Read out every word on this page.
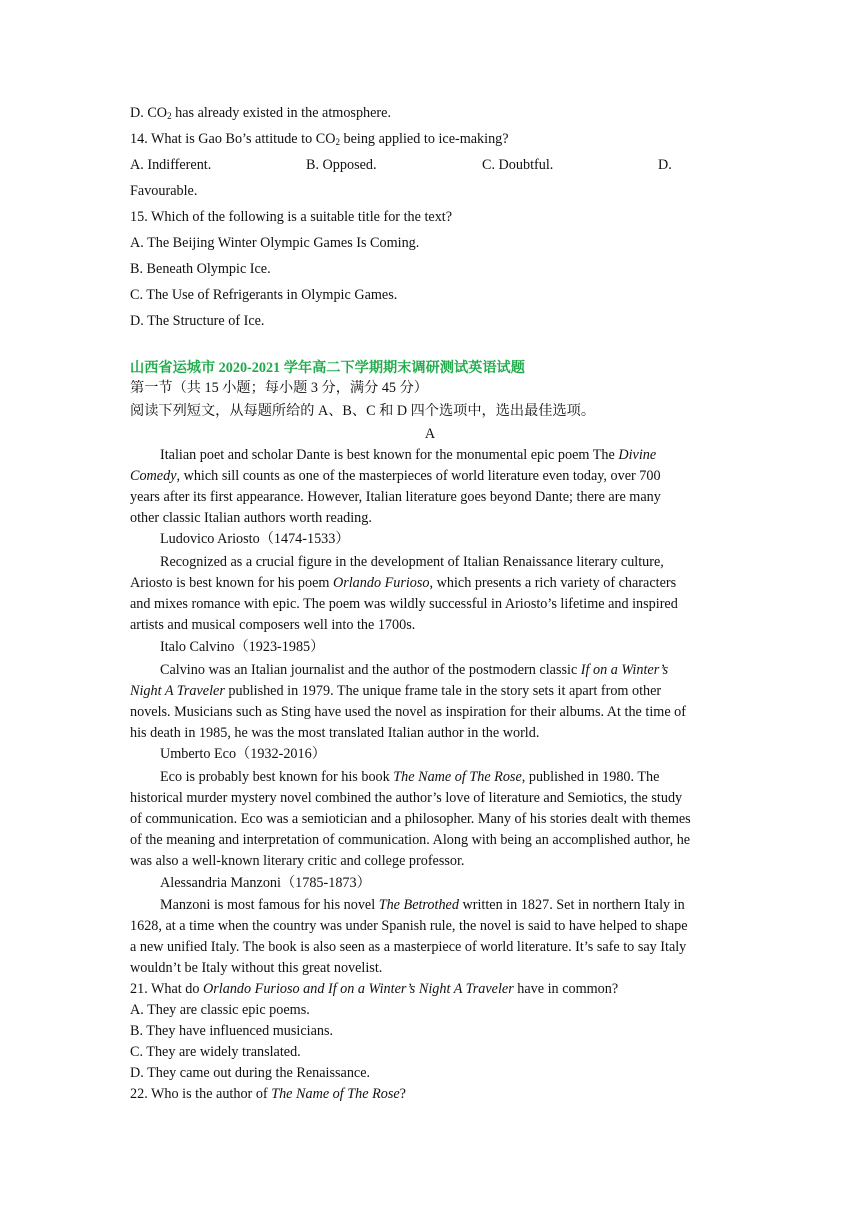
D. $CO_2$ has already existed in the atmosphere.
14. What is Gao Bo’s attitude to $CO_2$ being applied to ice-making?
A. Indifferent.	B. Opposed.	C. Doubtful.	D.
Favourable.
15. Which of the following is a suitable title for the text?
A. The Beijing Winter Olympic Games Is Coming.
B. Beneath Olympic Ice.
C. The Use of Refrigerants in Olympic Games.
D. The Structure of Ice.
山西省运城市 2020-2021 学年高二下学期期末调研测试英语试题
第一节（共 15 小题；每小题 3 分，满分 45 分）
阅读下列短文，从每题所给的 A、B、C 和 D 四个选项中，选出最佳选项。
A
Italian poet and scholar Dante is best known for the monumental epic poem The Divine
Comedy, which sill counts as one of the masterpieces of world literature even today, over 700
years after its first appearance. However, Italian literature goes beyond Dante; there are many
other classic Italian authors worth reading.
Ludovico Ariosto（1474-1533）
Recognized as a crucial figure in the development of Italian Renaissance literary culture,
Ariosto is best known for his poem Orlando Furioso, which presents a rich variety of characters
and mixes romance with epic. The poem was wildly successful in Ariosto’s lifetime and inspired
artists and musical composers well into the 1700s.
Italo Calvino（1923-1985）
Calvino was an Italian journalist and the author of the postmodern classic If on a Winter’s
Night A Traveler published in 1979. The unique frame tale in the story sets it apart from other
novels. Musicians such as Sting have used the novel as inspiration for their albums. At the time of
his death in 1985, he was the most translated Italian author in the world.
Umberto Eco（1932-2016）
Eco is probably best known for his book The Name of The Rose, published in 1980. The
historical murder mystery novel combined the author’s love of literature and Semiotics, the study
of communication. Eco was a semiotician and a philosopher. Many of his stories dealt with themes
of the meaning and interpretation of communication. Along with being an accomplished author, he
was also a well-known literary critic and college professor.
Alessandria Manzoni（1785-1873）
Manzoni is most famous for his novel The Betrothed written in 1827. Set in northern Italy in
1628, at a time when the country was under Spanish rule, the novel is said to have helped to shape
a new unified Italy. The book is also seen as a masterpiece of world literature. It’s safe to say Italy
wouldn’t be Italy without this great novelist.
21. What do Orlando Furioso and If on a Winter’s Night A Traveler have in common?
A. They are classic epic poems.
B. They have influenced musicians.
C. They are widely translated.
D. They came out during the Renaissance.
22. Who is the author of The Name of The Rose?
